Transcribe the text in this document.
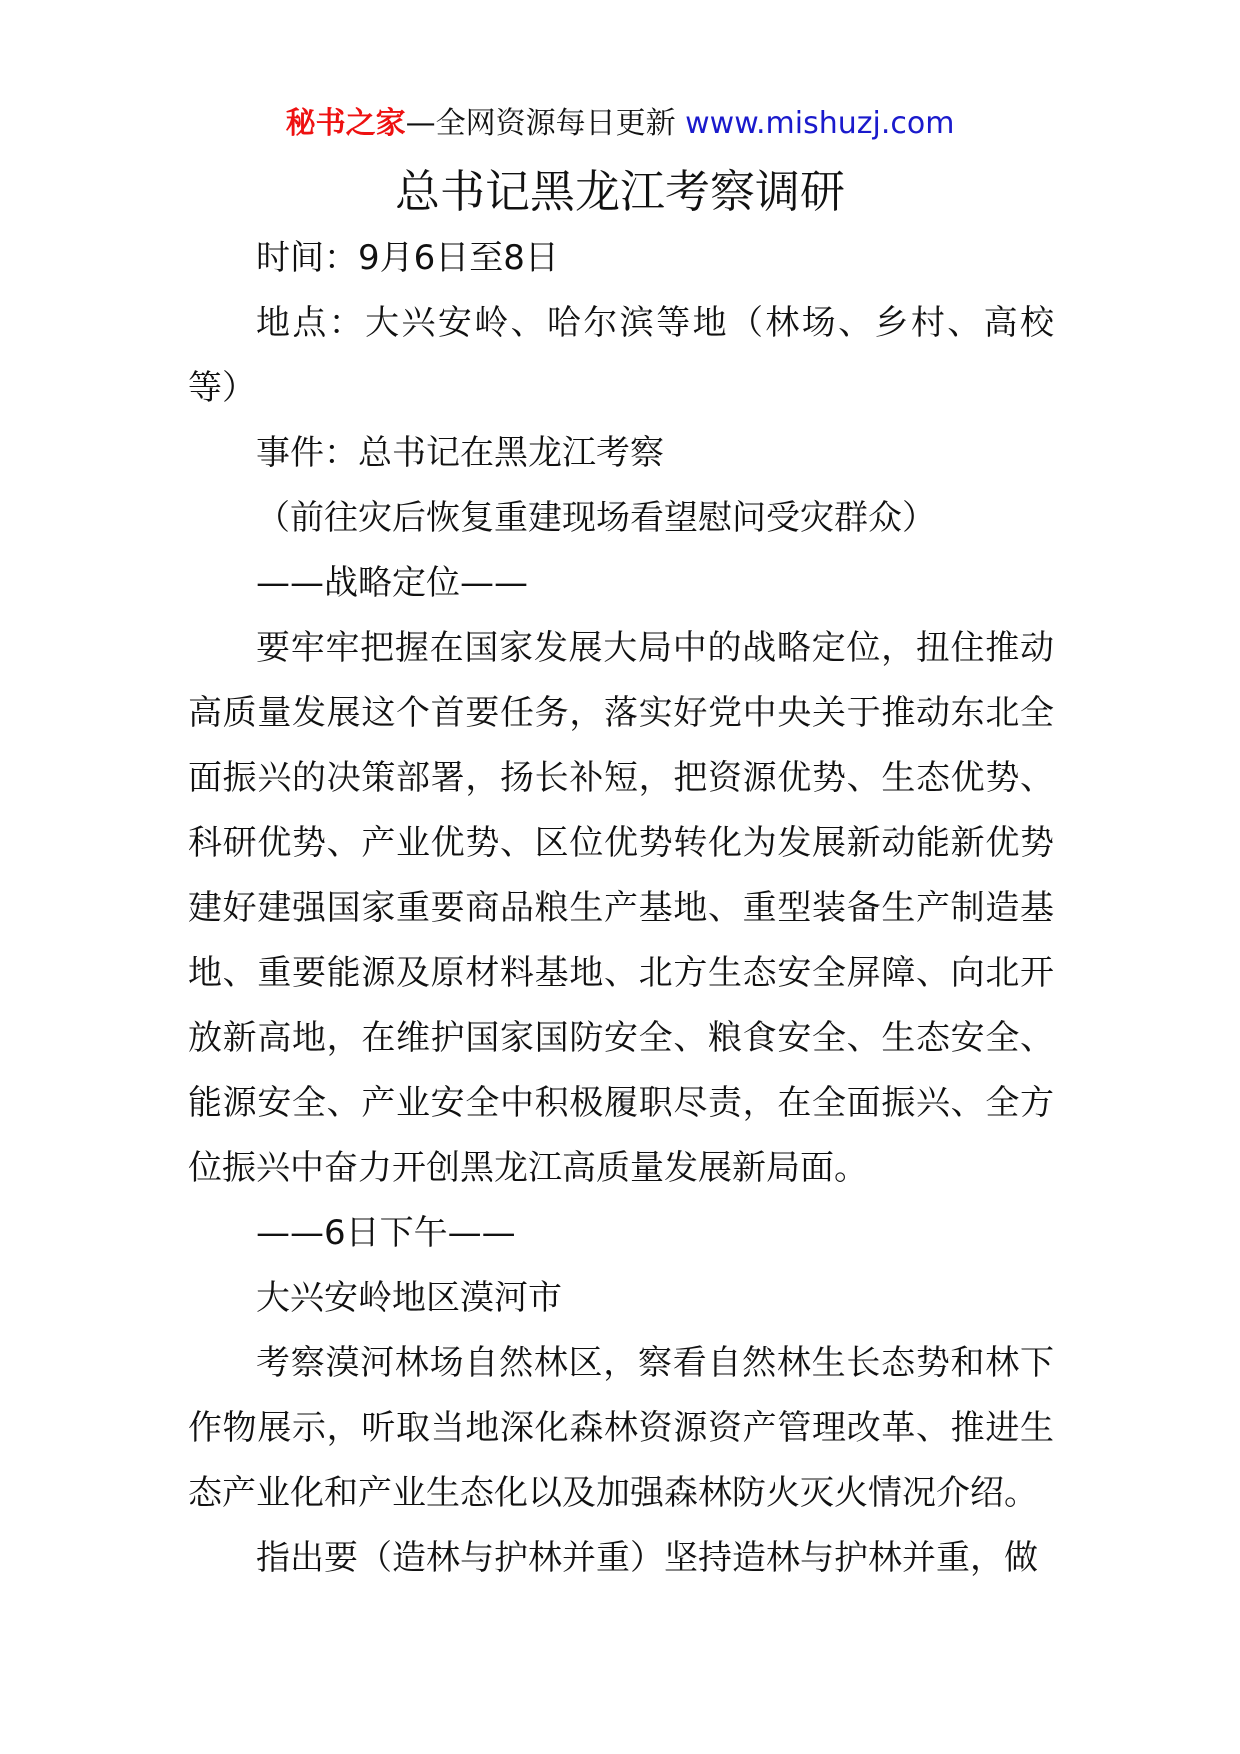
秘书之家—全网资源每日更新 www.mishuzj.com
总书记黑龙江考察调研

时间：9月6日至8日

地点：大兴安岭、哈尔滨等地（林场、乡村、高校等）

事件：总书记在黑龙江考察

（前往灾后恢复重建现场看望慰问受灾群众）

——战略定位——

要牢牢把握在国家发展大局中的战略定位，扭住推动高质量发展这个首要任务，落实好党中央关于推动东北全面振兴的决策部署，扬长补短，把资源优势、生态优势、科研优势、产业优势、区位优势转化为发展新动能新优势建好建强国家重要商品粮生产基地、重型装备生产制造基地、重要能源及原材料基地、北方生态安全屏障、向北开放新高地，在维护国家国防安全、粮食安全、生态安全、能源安全、产业安全中积极履职尽责，在全面振兴、全方位振兴中奋力开创黑龙江高质量发展新局面。

——6日下午——

大兴安岭地区漠河市

考察漠河林场自然林区，察看自然林生长态势和林下作物展示，听取当地深化森林资源资产管理改革、推进生态产业化和产业生态化以及加强森林防火灭火情况介绍。

指出要（造林与护林并重）坚持造林与护林并重，做
